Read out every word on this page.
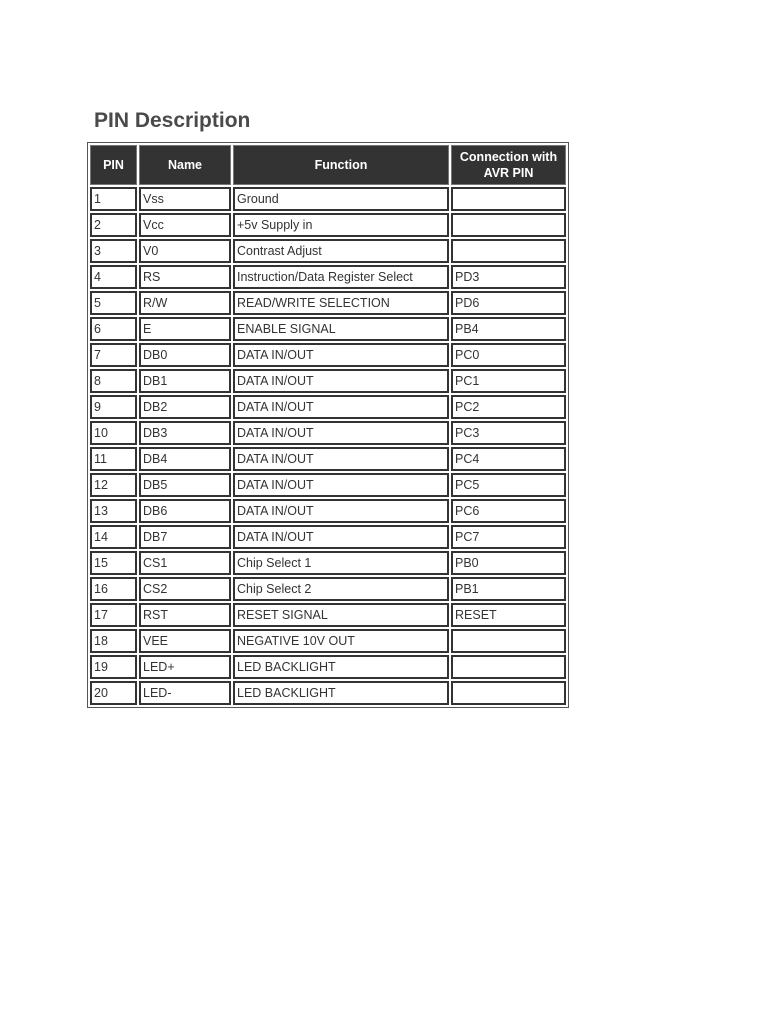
PIN Description
PIN	Name	Function	Connection with AVR PIN
1	Vss	Ground	
2	Vcc	+5v Supply in	
3	V0	Contrast Adjust	
4	RS	Instruction/Data Register Select	PD3
5	R/W	READ/WRITE SELECTION	PD6
6	E	ENABLE SIGNAL	PB4
7	DB0	DATA IN/OUT	PC0
8	DB1	DATA IN/OUT	PC1
9	DB2	DATA IN/OUT	PC2
10	DB3	DATA IN/OUT	PC3
11	DB4	DATA IN/OUT	PC4
12	DB5	DATA IN/OUT	PC5
13	DB6	DATA IN/OUT	PC6
14	DB7	DATA IN/OUT	PC7
15	CS1	Chip Select 1	PB0
16	CS2	Chip Select 2	PB1
17	RST	RESET SIGNAL	RESET
18	VEE	NEGATIVE 10V OUT	
19	LED+	LED BACKLIGHT	
20	LED-	LED BACKLIGHT	
